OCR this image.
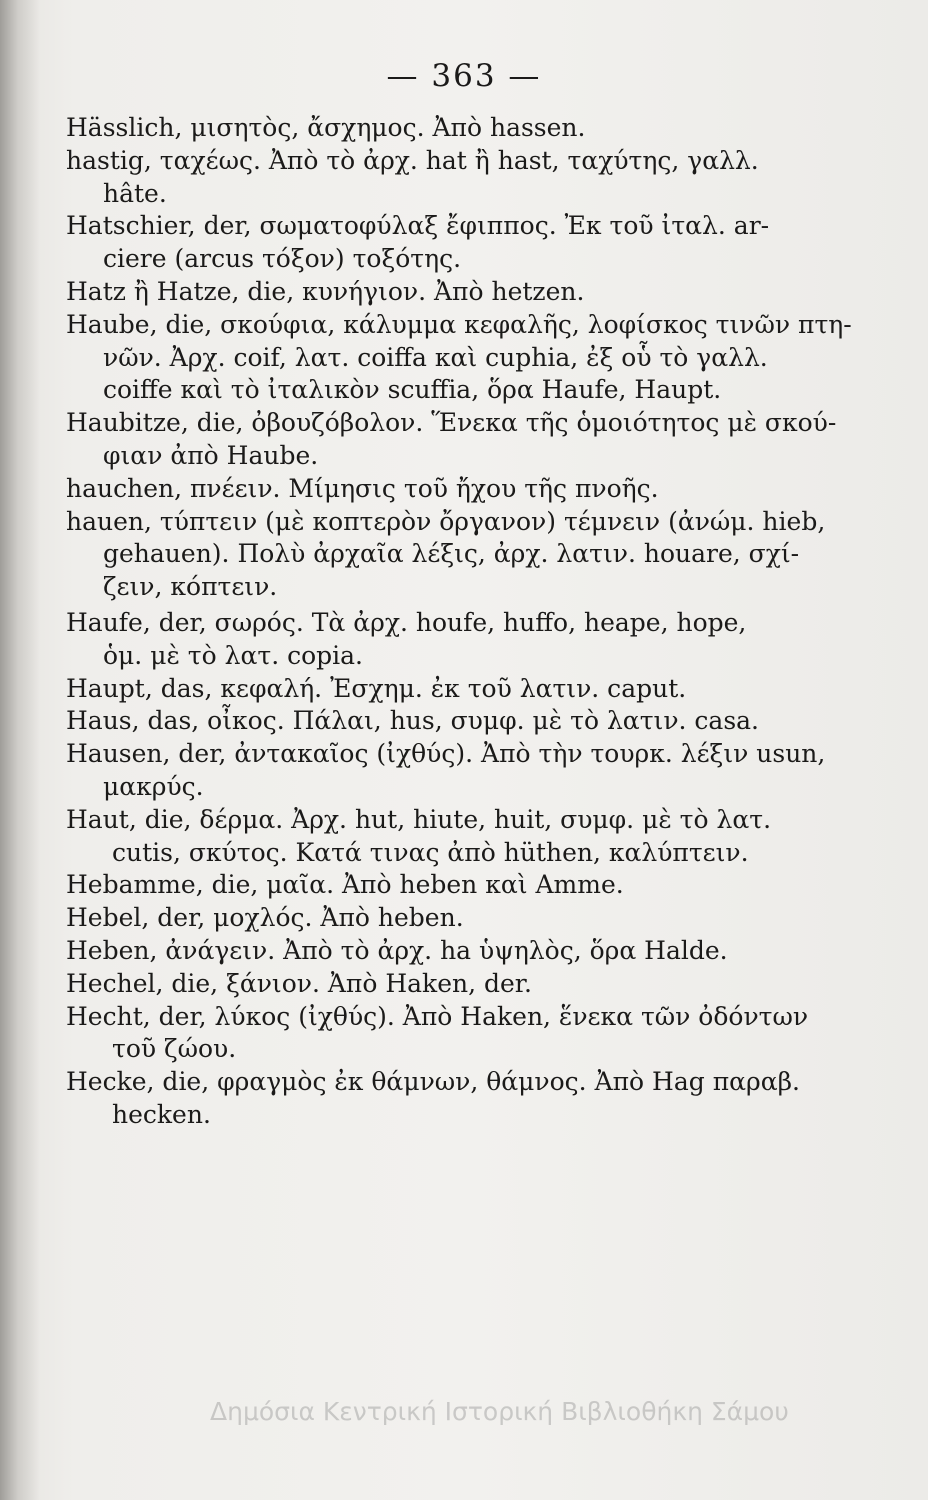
— 363 —
Hässlich, μισητὸς, ἄσχημος. Ἀπὸ hassen.
hastig, ταχέως. Ἀπὸ τὸ ἀρχ. hat ἢ hast, ταχύτης, γαλλ.
hâte.
Hatschier, der, σωματοφύλαξ ἔφιππος. Ἐκ τοῦ ἰταλ. ar-
ciere (arcus τόξον) τοξότης.
Hatz ἢ Hatze, die, κυνήγιον. Ἀπὸ hetzen.
Haube, die, σκούφια, κάλυμμα κεφαλῆς, λοφίσκος τινῶν πτη-
νῶν. Ἀρχ. coif, λατ. coiffa καὶ cuphia, ἐξ οὗ τὸ γαλλ.
coiffe καὶ τὸ ἰταλικὸν scuffia, ὅρα Haufe, Haupt.
Haubitze, die, ὀβουζόβολον. Ἕνεκα τῆς ὁμοιότητος μὲ σκού-
φιαν ἀπὸ Haube.
hauchen, πνέειν. Μίμησις τοῦ ἤχου τῆς πνοῆς.
hauen, τύπτειν (μὲ κοπτερὸν ὄργανον) τέμνειν (ἀνώμ. hieb,
gehauen). Πολὺ ἀρχαῖα λέξις, ἀρχ. λατιν. houare, σχί-
ζειν, κόπτειν.
Haufe, der, σωρός. Τὰ ἀρχ. houfe, huffo, heape, hope,
ὁμ. μὲ τὸ λατ. copia.
Haupt, das, κεφαλή. Ἐσχημ. ἐκ τοῦ λατιν. caput.
Haus, das, οἶκος. Πάλαι, hus, συμφ. μὲ τὸ λατιν. casa.
Hausen, der, ἀντακαῖος (ἰχθύς). Ἀπὸ τὴν τουρκ. λέξιν usun,
μακρύς.
Haut, die, δέρμα. Ἀρχ. hut, hiute, huit, συμφ. μὲ τὸ λατ.
cutis, σκύτος. Κατά τινας ἀπὸ hüthen, καλύπτειν.
Hebamme, die, μαῖα. Ἀπὸ heben καὶ Amme.
Hebel, der, μοχλός. Ἀπὸ heben.
Heben, ἀνάγειν. Ἀπὸ τὸ ἀρχ. ha ὑψηλὸς, ὅρα Halde.
Hechel, die, ξάνιον. Ἀπὸ Haken, der.
Hecht, der, λύκος (ἰχθύς). Ἀπὸ Haken, ἕνεκα τῶν ὀδόντων
τοῦ ζώου.
Hecke, die, φραγμὸς ἐκ θάμνων, θάμνος. Ἀπὸ Hag παραβ.
hecken.
Δημόσια Κεντρική Ιστορική Βιβλιοθήκη Σάμου
